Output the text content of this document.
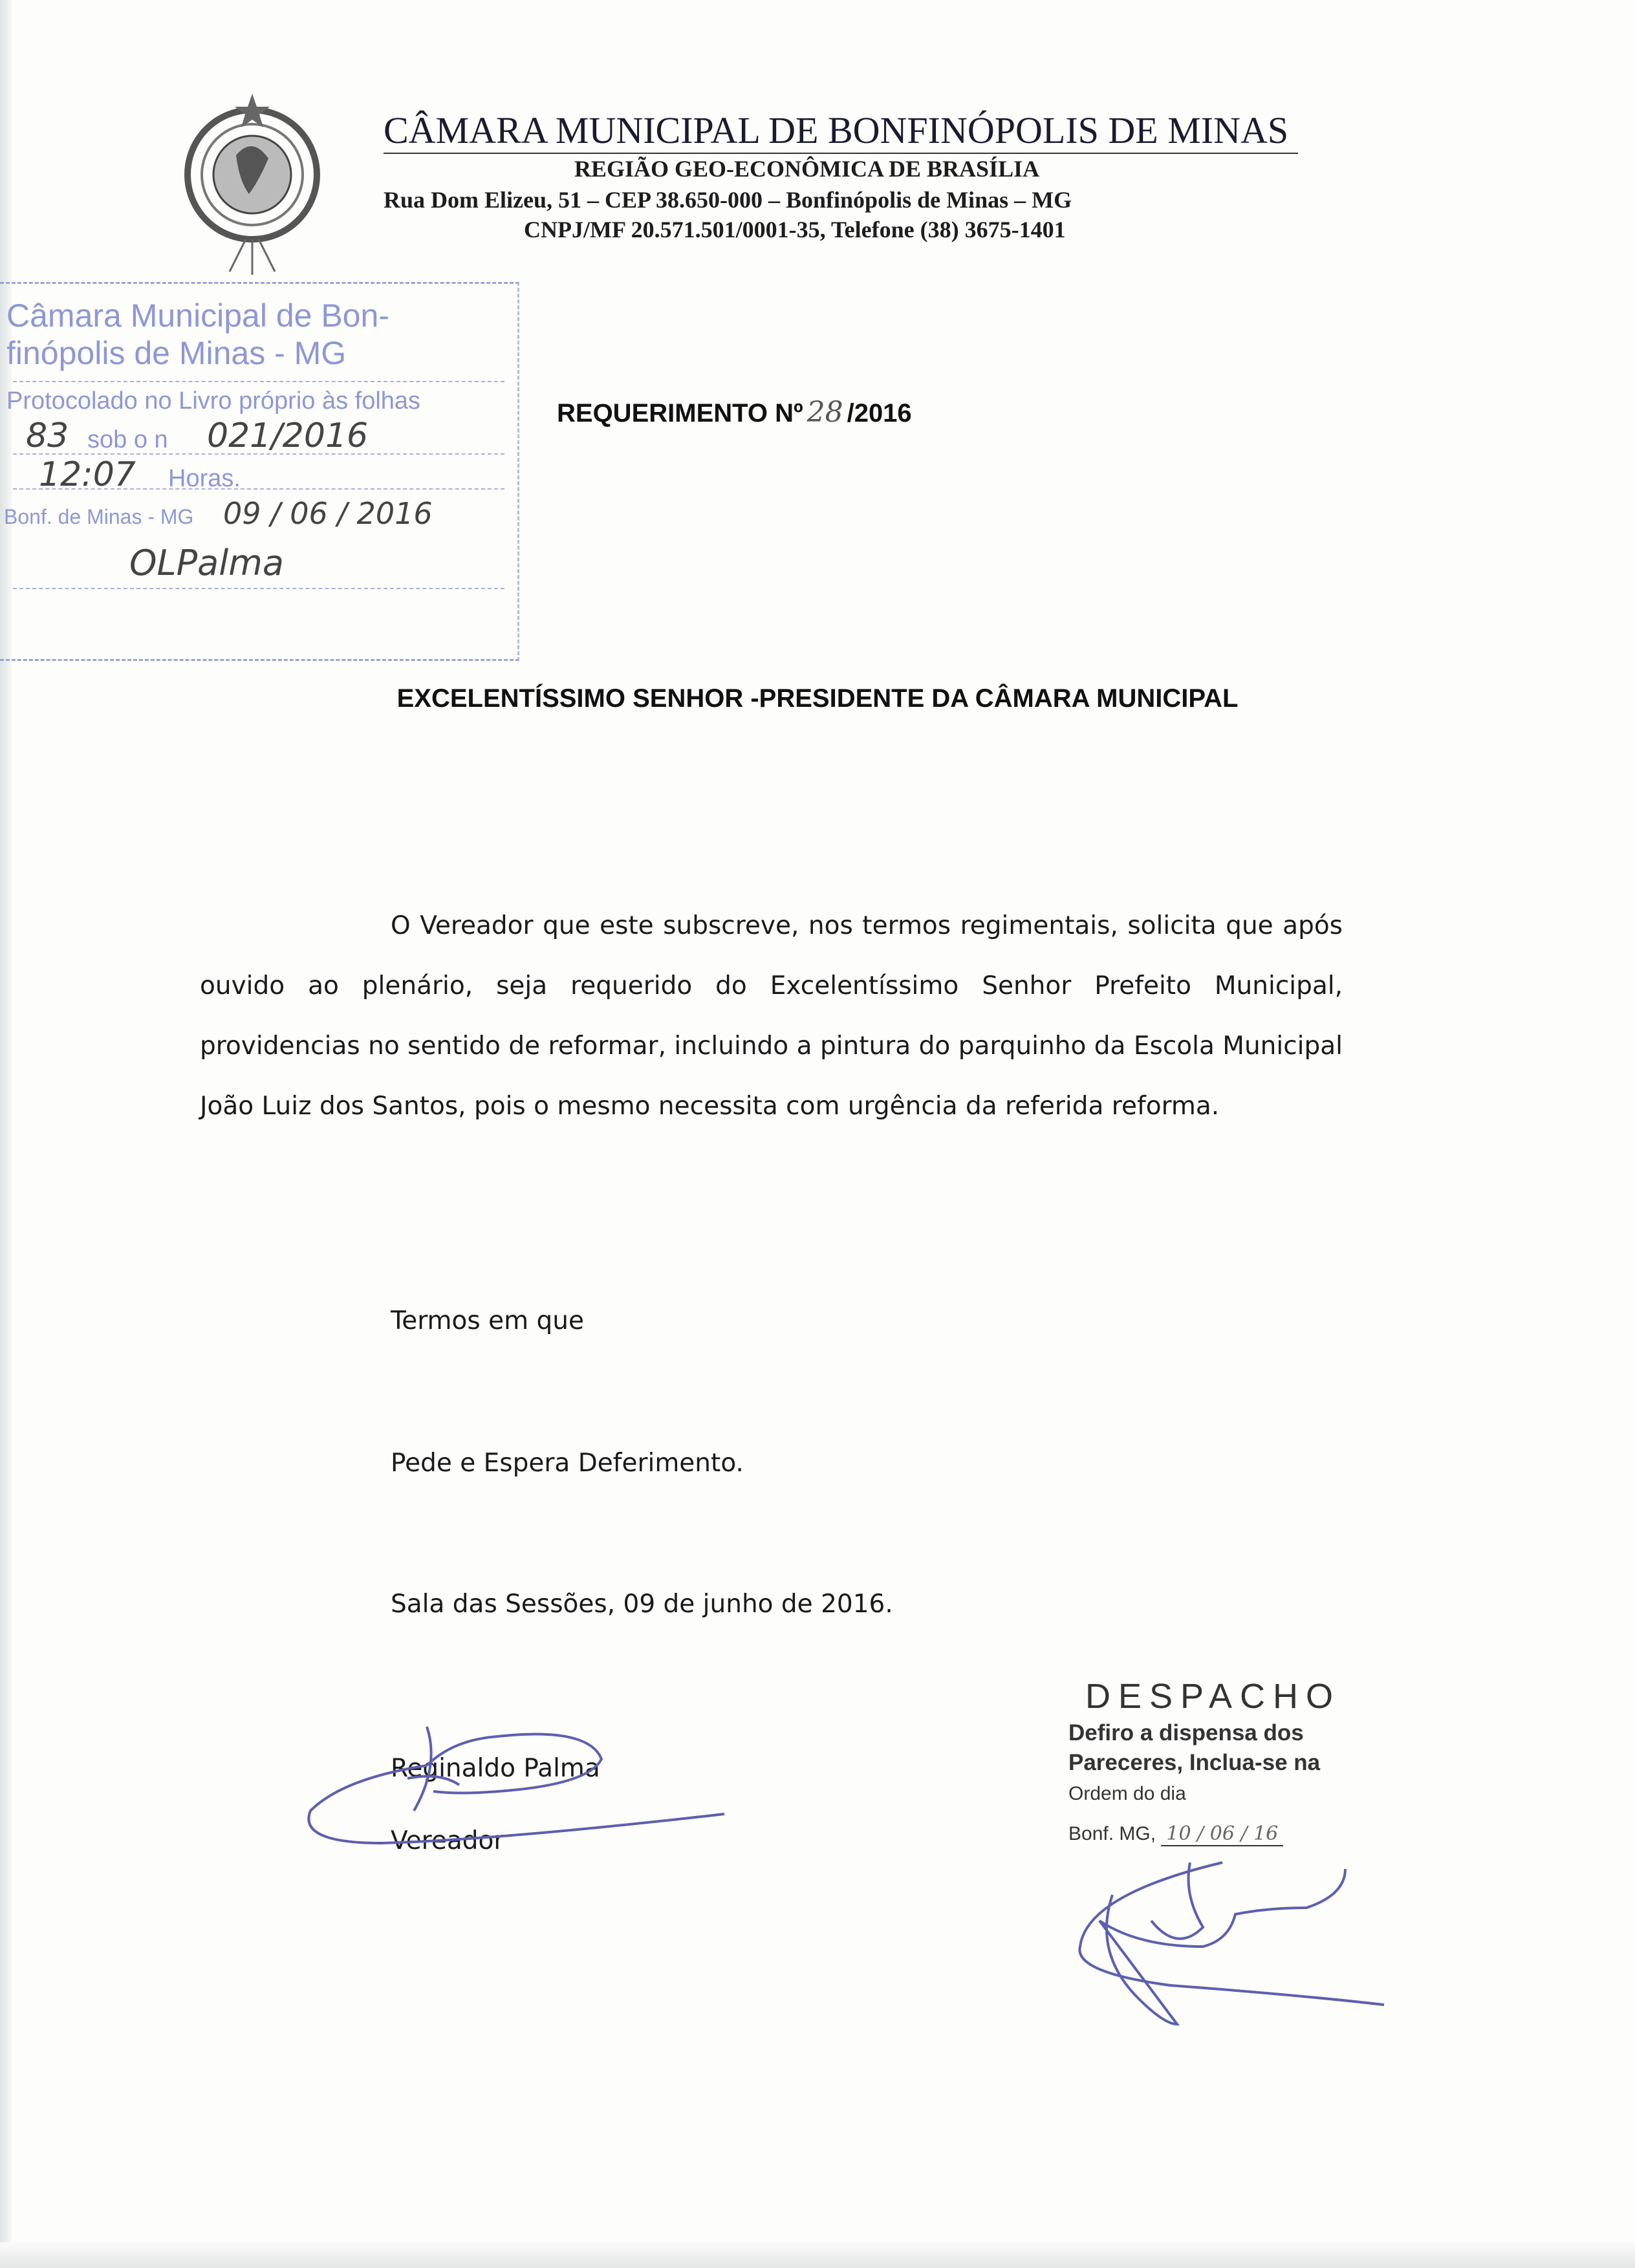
CÂMARA MUNICIPAL DE BONFINÓPOLIS DE MINAS
REGIÃO GEO-ECONÔMICA DE BRASÍLIA
Rua Dom Elizeu, 51 – CEP 38.650-000 – Bonfinópolis de Minas – MG
CNPJ/MF 20.571.501/0001-35, Telefone (38) 3675-1401
Câmara Municipal de Bon-
finópolis de Minas - MG
Protocolado no Livro próprio às folhas
83 sob o n 021/2016
12:07 Horas.
Bonf. de Minas - MG 09 / 06 / 2016
OLPalma
REQUERIMENTO Nº 28 /2016
EXCELENTÍSSIMO SENHOR -PRESIDENTE DA CÂMARA MUNICIPAL
O Vereador que este subscreve, nos termos regimentais, solicita que após ouvido ao plenário, seja requerido do Excelentíssimo Senhor Prefeito Municipal, providencias no sentido de reformar, incluindo a pintura do parquinho da Escola Municipal João Luiz dos Santos, pois o mesmo necessita com urgência da referida reforma.
Termos em que
Pede e Espera Deferimento.
Sala das Sessões, 09 de junho de 2016.
Reginaldo Palma
Vereador
DESPACHO
Defiro a dispensa dos
Pareceres, Inclua-se na
Ordem do dia
Bonf. MG, 10 / 06 / 16
